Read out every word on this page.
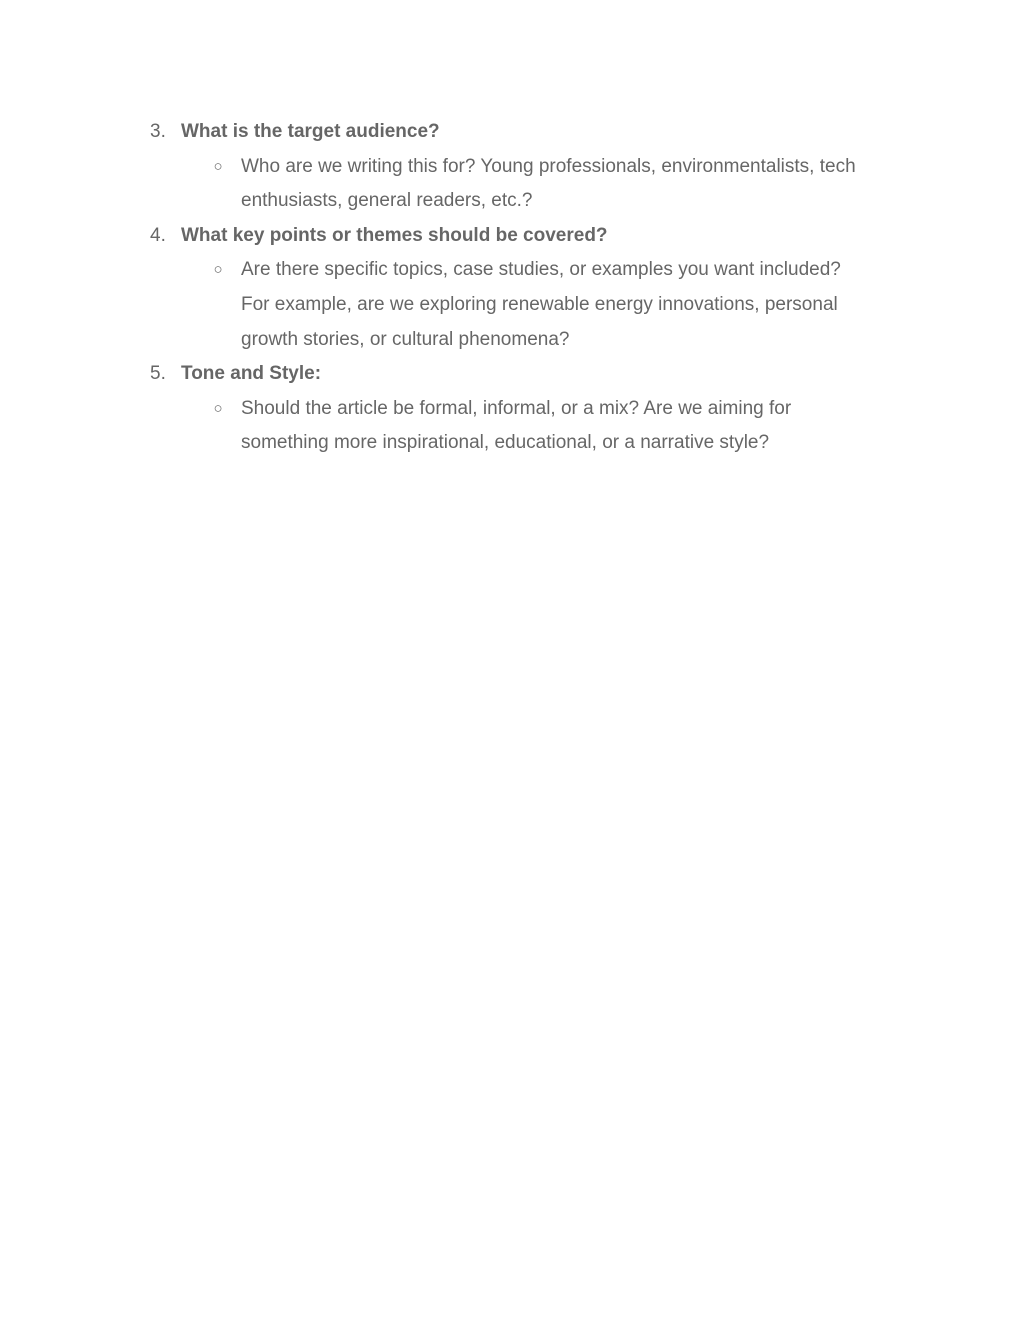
3. What is the target audience?
○ Who are we writing this for? Young professionals, environmentalists, tech
enthusiasts, general readers, etc.?
4. What key points or themes should be covered?
○ Are there specific topics, case studies, or examples you want included?
For example, are we exploring renewable energy innovations, personal
growth stories, or cultural phenomena?
5. Tone and Style:
○ Should the article be formal, informal, or a mix? Are we aiming for
something more inspirational, educational, or a narrative style?
